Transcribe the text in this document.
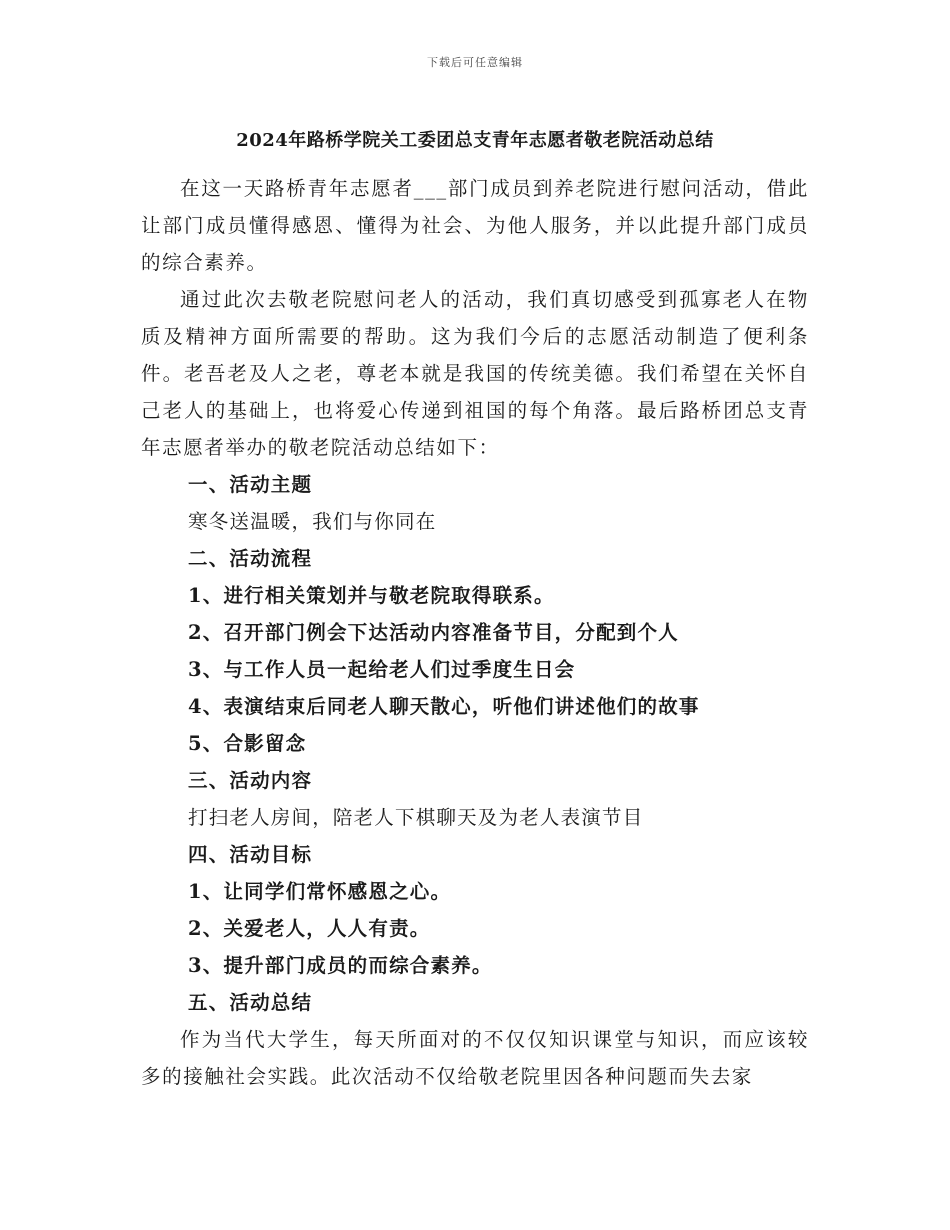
下载后可任意编辑
2024年路桥学院关工委团总支青年志愿者敬老院活动总结

在这一天路桥青年志愿者___部门成员到养老院进行慰问活动，借此让部门成员懂得感恩、懂得为社会、为他人服务，并以此提升部门成员的综合素养。

通过此次去敬老院慰问老人的活动，我们真切感受到孤寡老人在物质及精神方面所需要的帮助。这为我们今后的志愿活动制造了便利条件。老吾老及人之老，尊老本就是我国的传统美德。我们希望在关怀自己老人的基础上，也将爱心传递到祖国的每个角落。最后路桥团总支青年志愿者举办的敬老院活动总结如下：

一、活动主题

寒冬送温暖，我们与你同在

二、活动流程

1、进行相关策划并与敬老院取得联系。

2、召开部门例会下达活动内容准备节目，分配到个人

3、与工作人员一起给老人们过季度生日会

4、表演结束后同老人聊天散心，听他们讲述他们的故事

5、合影留念

三、活动内容

打扫老人房间，陪老人下棋聊天及为老人表演节目

四、活动目标

1、让同学们常怀感恩之心。

2、关爱老人，人人有责。

3、提升部门成员的而综合素养。

五、活动总结

作为当代大学生，每天所面对的不仅仅知识课堂与知识，而应该较多的接触社会实践。此次活动不仅给敬老院里因各种问题而失去家
